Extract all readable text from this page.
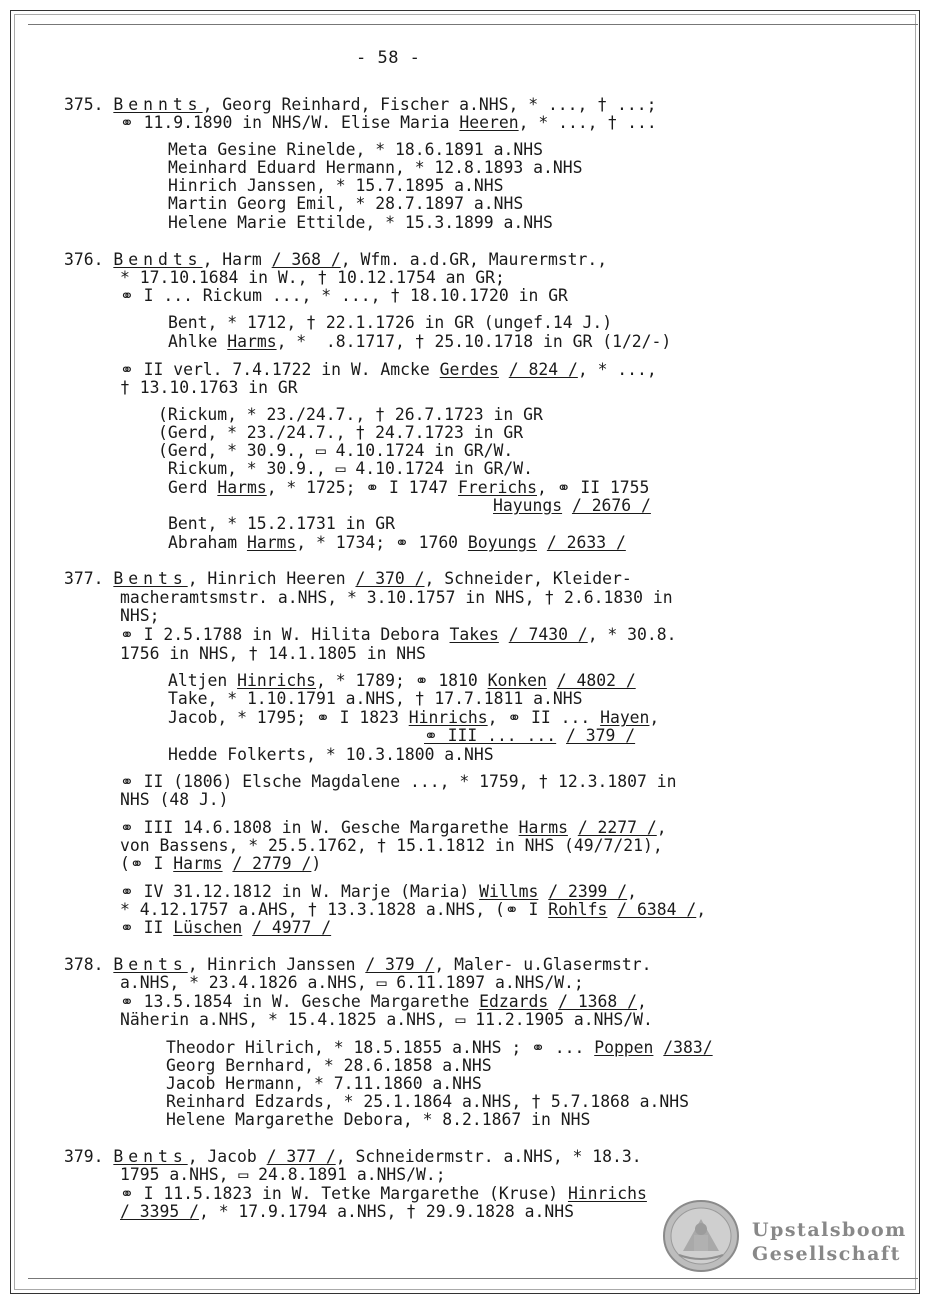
- 58 -
375. Bennts, Georg Reinhard, Fischer a.NHS, * ..., † ...;
⚭ 11.9.1890 in NHS/W. Elise Maria Heeren, * ..., † ...
Meta Gesine Rinelde, * 18.6.1891 a.NHS
Meinhard Eduard Hermann, * 12.8.1893 a.NHS
Hinrich Janssen, * 15.7.1895 a.NHS
Martin Georg Emil, * 28.7.1897 a.NHS
Helene Marie Ettilde, * 15.3.1899 a.NHS
376. Bendts, Harm / 368 /, Wfm. a.d.GR, Maurermstr.,
* 17.10.1684 in W., † 10.12.1754 an GR;
⚭ I ... Rickum ..., * ..., † 18.10.1720 in GR
Bent, * 1712, † 22.1.1726 in GR (ungef.14 J.)
Ahlke Harms, *  .8.1717, † 25.10.1718 in GR (1/2/-)
⚭ II verl. 7.4.1722 in W. Amcke Gerdes / 824 /, * ...,
† 13.10.1763 in GR
(Rickum, * 23./24.7., † 26.7.1723 in GR
(Gerd, * 23./24.7., † 24.7.1723 in GR
(Gerd, * 30.9., ▭ 4.10.1724 in GR/W.
Rickum, * 30.9., ▭ 4.10.1724 in GR/W.
Gerd Harms, * 1725; ⚭ I 1747 Frerichs, ⚭ II 1755
Hayungs / 2676 /
Bent, * 15.2.1731 in GR
Abraham Harms, * 1734; ⚭ 1760 Boyungs / 2633 /
377. Bents, Hinrich Heeren / 370 /, Schneider, Kleider-
macheramtsmstr. a.NHS, * 3.10.1757 in NHS, † 2.6.1830 in
NHS;
⚭ I 2.5.1788 in W. Hilita Debora Takes / 7430 /, * 30.8.
1756 in NHS, † 14.1.1805 in NHS
Altjen Hinrichs, * 1789; ⚭ 1810 Konken / 4802 /
Take, * 1.10.1791 a.NHS, † 17.7.1811 a.NHS
Jacob, * 1795; ⚭ I 1823 Hinrichs, ⚭ II ... Hayen,
⚭ III ... ... / 379 /
Hedde Folkerts, * 10.3.1800 a.NHS
⚭ II (1806) Elsche Magdalene ..., * 1759, † 12.3.1807 in
NHS (48 J.)
⚭ III 14.6.1808 in W. Gesche Margarethe Harms / 2277 /,
von Bassens, * 25.5.1762, † 15.1.1812 in NHS (49/7/21),
(⚭ I Harms / 2779 /)
⚭ IV 31.12.1812 in W. Marje (Maria) Willms / 2399 /,
* 4.12.1757 a.AHS, † 13.3.1828 a.NHS, (⚭ I Rohlfs / 6384 /,
⚭ II Lüschen / 4977 /
378. Bents, Hinrich Janssen / 379 /, Maler- u.Glasermstr.
a.NHS, * 23.4.1826 a.NHS, ▭ 6.11.1897 a.NHS/W.;
⚭ 13.5.1854 in W. Gesche Margarethe Edzards / 1368 /,
Näherin a.NHS, * 15.4.1825 a.NHS, ▭ 11.2.1905 a.NHS/W.
Theodor Hilrich, * 18.5.1855 a.NHS ; ⚭ ... Poppen /383/
Georg Bernhard, * 28.6.1858 a.NHS
Jacob Hermann, * 7.11.1860 a.NHS
Reinhard Edzards, * 25.1.1864 a.NHS, † 5.7.1868 a.NHS
Helene Margarethe Debora, * 8.2.1867 in NHS
379. Bents, Jacob / 377 /, Schneidermstr. a.NHS, * 18.3.
1795 a.NHS, ▭ 24.8.1891 a.NHS/W.;
⚭ I 11.5.1823 in W. Tetke Margarethe (Kruse) Hinrichs
/ 3395 /, * 17.9.1794 a.NHS, † 29.9.1828 a.NHS
Upstalsboom
Gesellschaft
